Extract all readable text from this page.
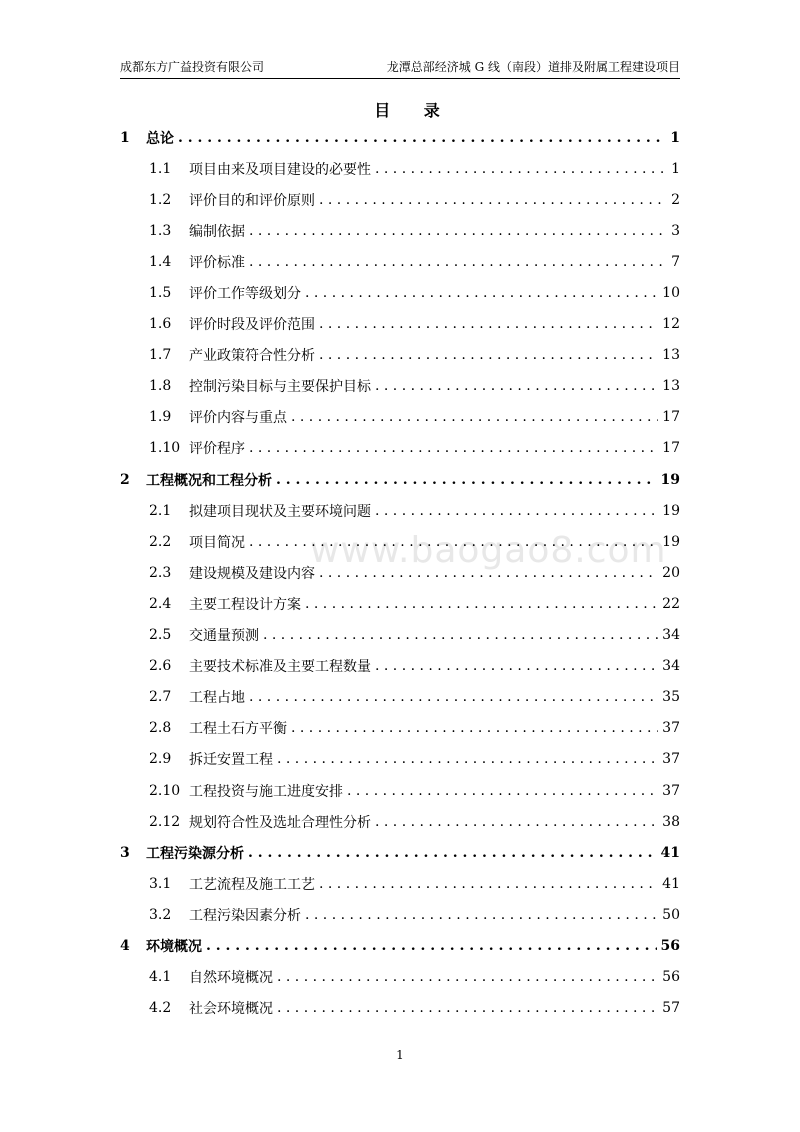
成都东方广益投资有限公司	龙潭总部经济城 G 线（南段）道排及附属工程建设项目
目 录
www.baogao8.com
1	总论 . . .	1
1.1	项目由来及项目建设的必要性 . . .	1
1.2	评价目的和评价原则 . . .	2
1.3	编制依据 . . .	3
1.4	评价标准 . . .	7
1.5	评价工作等级划分 . . .	10
1.6	评价时段及评价范围 . . .	12
1.7	产业政策符合性分析 . . .	13
1.8	控制污染目标与主要保护目标 . . .	13
1.9	评价内容与重点 . . .	17
1.10 评价程序 . . .	17
2	工程概况和工程分析 . . .	19
2.1	拟建项目现状及主要环境问题 . . .	19
2.2	项目简况 . . .	19
2.3	建设规模及建设内容 . . .	20
2.4	主要工程设计方案 . . .	22
2.5	交通量预测 . . .	34
2.6	主要技术标准及主要工程数量 . . .	34
2.7	工程占地 . . .	35
2.8	工程土石方平衡 . . .	37
2.9	拆迁安置工程 . . .	37
2.10 工程投资与施工进度安排 . . .	37
2.12 规划符合性及选址合理性分析 . . .	38
3	工程污染源分析 . . .	41
3.1	工艺流程及施工工艺 . . .	41
3.2	工程污染因素分析 . . .	50
4	环境概况 . . .	56
4.1	自然环境概况 . . .	56
4.2	社会环境概况 . . .	57
1
